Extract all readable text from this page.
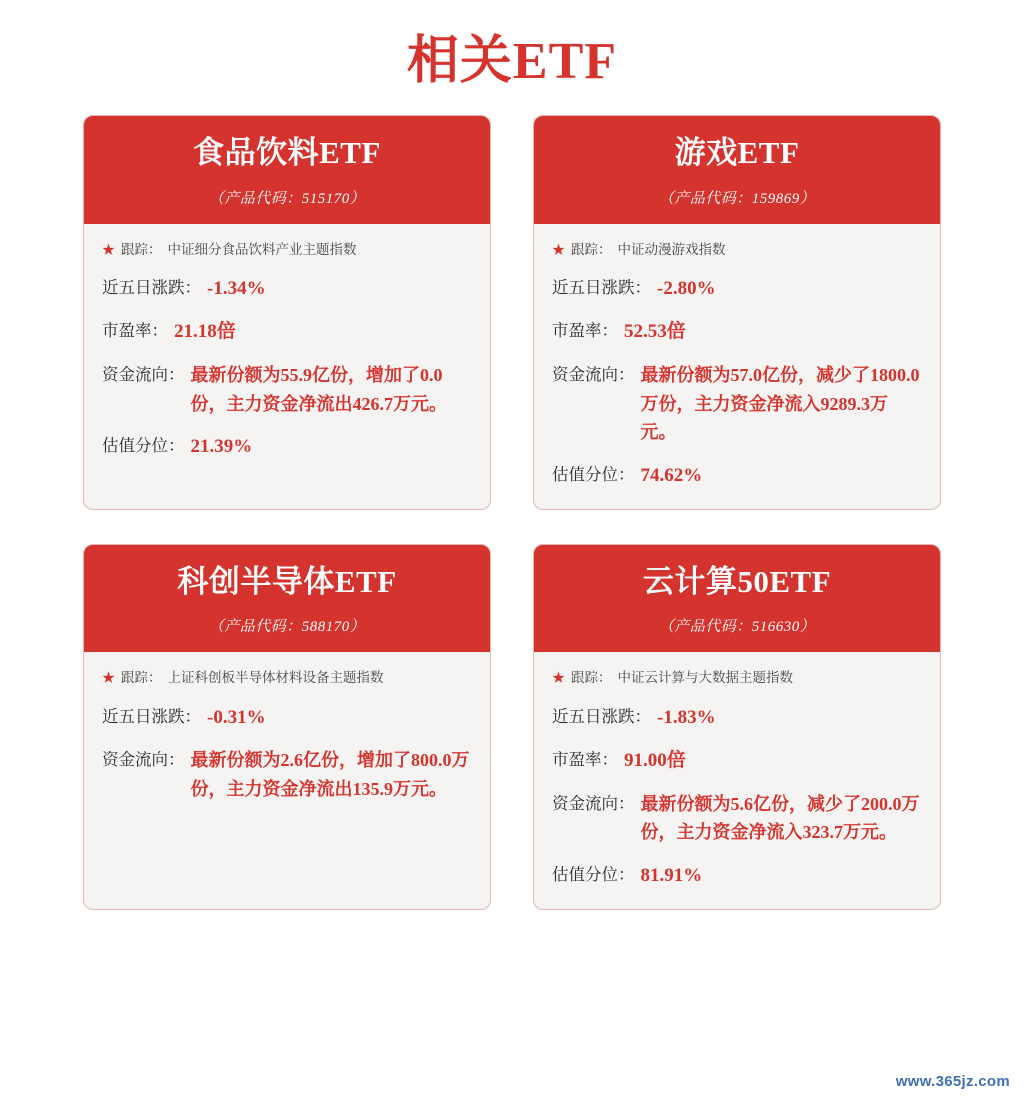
相关ETF
食品饮料ETF
（产品代码：515170）
★ 跟踪： 中证细分食品饮料产业主题指数
近五日涨跌： -1.34%
市盈率： 21.18倍
资金流向： 最新份额为55.9亿份，增加了0.0份，主力资金净流出426.7万元。
估值分位： 21.39%
游戏ETF
（产品代码：159869）
★ 跟踪： 中证动漫游戏指数
近五日涨跌： -2.80%
市盈率： 52.53倍
资金流向： 最新份额为57.0亿份，减少了1800.0万份，主力资金净流入9289.3万元。
估值分位： 74.62%
科创半导体ETF
（产品代码：588170）
★ 跟踪： 上证科创板半导体材料设备主题指数
近五日涨跌： -0.31%
资金流向： 最新份额为2.6亿份，增加了800.0万份，主力资金净流出135.9万元。
云计算50ETF
（产品代码：516630）
★ 跟踪： 中证云计算与大数据主题指数
近五日涨跌： -1.83%
市盈率： 91.00倍
资金流向： 最新份额为5.6亿份，减少了200.0万份，主力资金净流入323.7万元。
估值分位： 81.91%
www.365jz.com
